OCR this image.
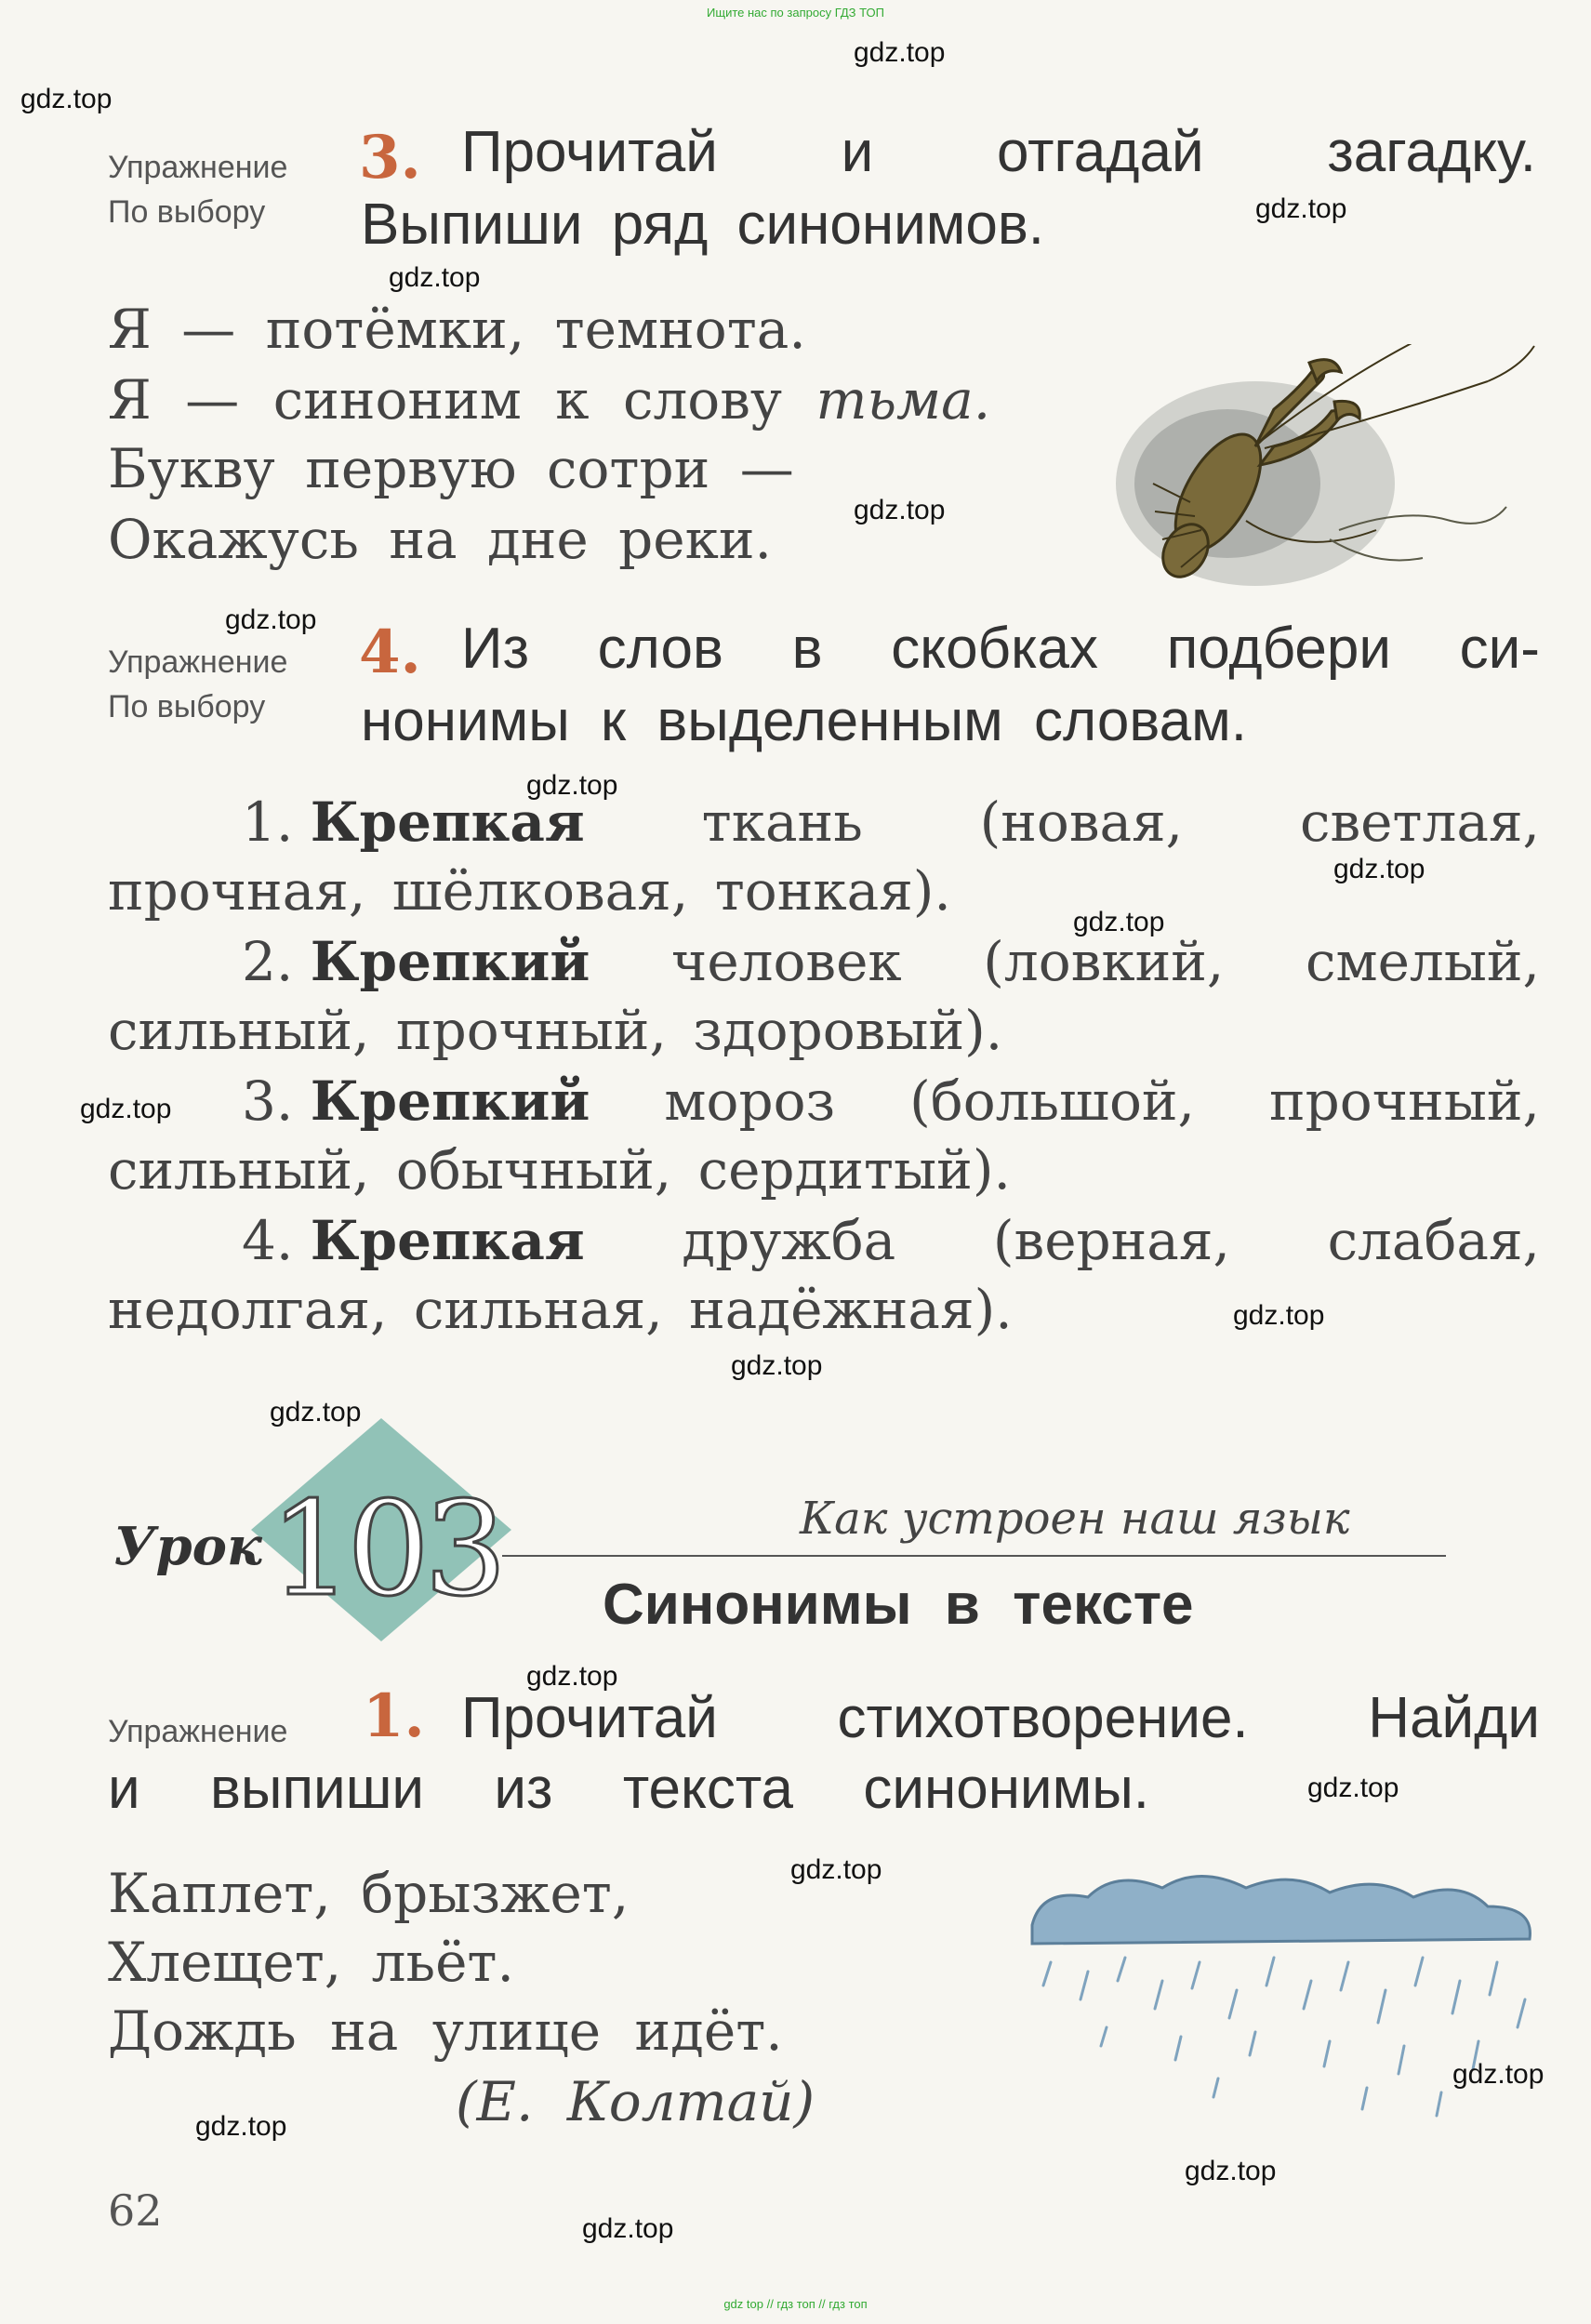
Ищите нас по запросу ГДЗ ТОП
Упражнение
По выбору
3. Прочитай и отгадай загадку.
Выпиши ряд синонимов.
Я — потёмки, темнота.
Я — синоним к слову тьма.
Букву первую сотри —
Окажусь на дне реки.
Упражнение
По выбору
4. Из слов в скобках подбери си-
нонимы к выделенным словам.
1. Крепкая ткань (новая, светлая,
прочная, шёлковая, тонкая).
2. Крепкий человек (ловкий, смелый,
сильный, прочный, здоровый).
3. Крепкий мороз (большой, прочный,
сильный, обычный, сердитый).
4. Крепкая дружба (верная, слабая,
недолгая, сильная, надёжная).
Урок 103	Как устроен наш язык
Синонимы в тексте
Упражнение 1. Прочитай стихотворение. Найди
и выпиши из текста синонимы.
Каплет, брызжет,
Хлещет, льёт.
Дождь на улице идёт.
(Е. Колтай)
62
gdz.top
gdz.top
gdz.top
gdz.top
gdz.top
gdz.top
gdz.top
gdz.top
gdz.top
gdz.top
gdz.top
gdz.top
gdz.top
gdz.top
gdz.top
gdz.top
gdz.top
gdz.top
gdz.top
gdz.top
gdz top // гдз топ // гдз топ
